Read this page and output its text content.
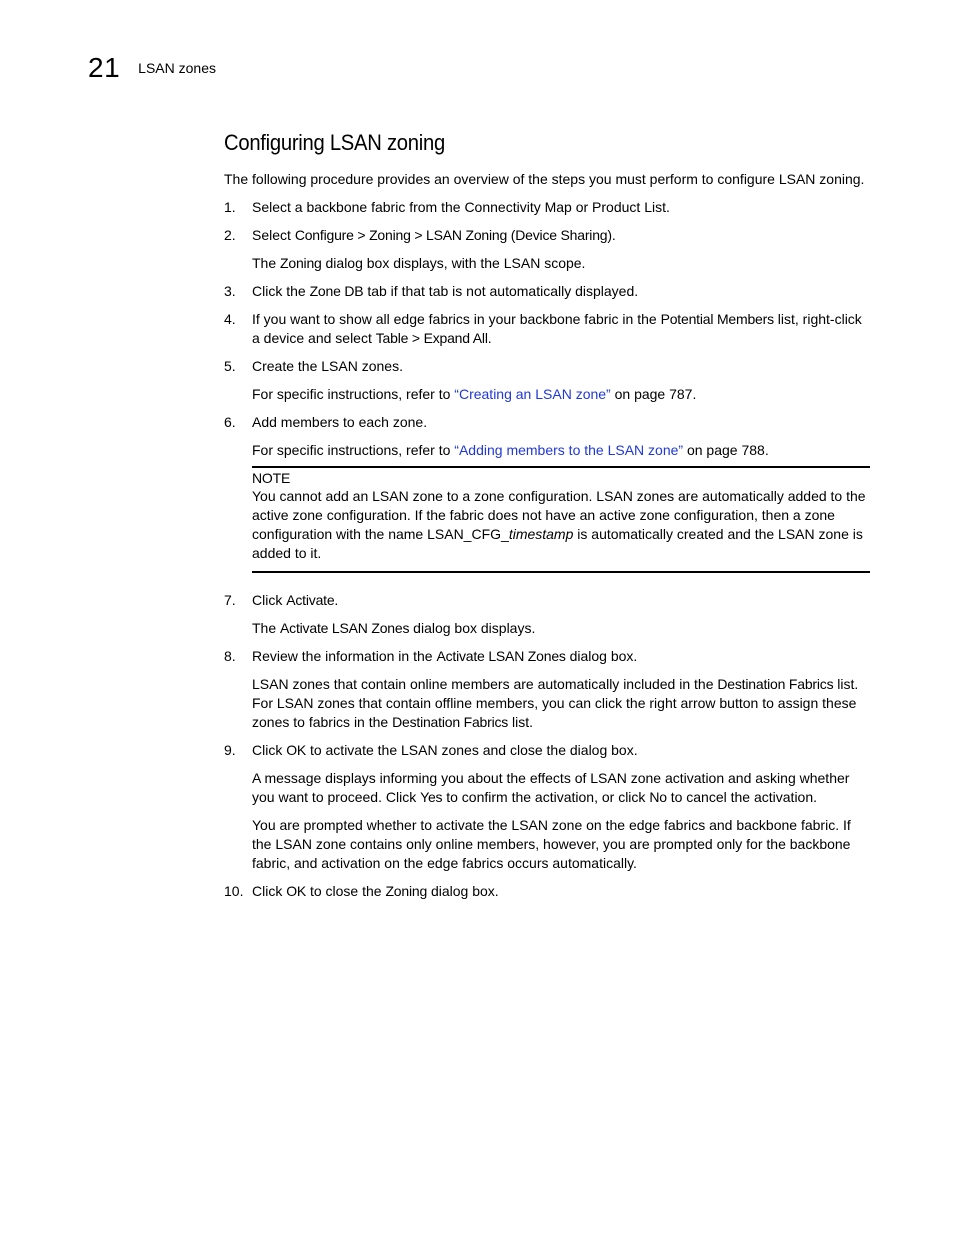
21 LSAN zones
Configuring LSAN zoning

The following procedure provides an overview of the steps you must perform to configure LSAN zoning.

1.	Select a backbone fabric from the Connectivity Map or Product List.

2.	Select Configure > Zoning > LSAN Zoning (Device Sharing).

The Zoning dialog box displays, with the LSAN scope.

3.	Click the Zone DB tab if that tab is not automatically displayed.

4.	If you want to show all edge fabrics in your backbone fabric in the Potential Members list, right-click a device and select Table > Expand All.

5.	Create the LSAN zones.

For specific instructions, refer to “Creating an LSAN zone” on page 787.

6.	Add members to each zone.

For specific instructions, refer to “Adding members to the LSAN zone” on page 788.

NOTE

You cannot add an LSAN zone to a zone configuration. LSAN zones are automatically added to the active zone configuration. If the fabric does not have an active zone configuration, then a zone configuration with the name LSAN_CFG_timestamp is automatically created and the LSAN zone is added to it.

7.	Click Activate.

The Activate LSAN Zones dialog box displays.

8.	Review the information in the Activate LSAN Zones dialog box.

LSAN zones that contain online members are automatically included in the Destination Fabrics list. For LSAN zones that contain offline members, you can click the right arrow button to assign these zones to fabrics in the Destination Fabrics list.

9.	Click OK to activate the LSAN zones and close the dialog box.

A message displays informing you about the effects of LSAN zone activation and asking whether you want to proceed. Click Yes to confirm the activation, or click No to cancel the activation.

You are prompted whether to activate the LSAN zone on the edge fabrics and backbone fabric. If the LSAN zone contains only online members, however, you are prompted only for the backbone fabric, and activation on the edge fabrics occurs automatically.

10. Click OK to close the Zoning dialog box.
